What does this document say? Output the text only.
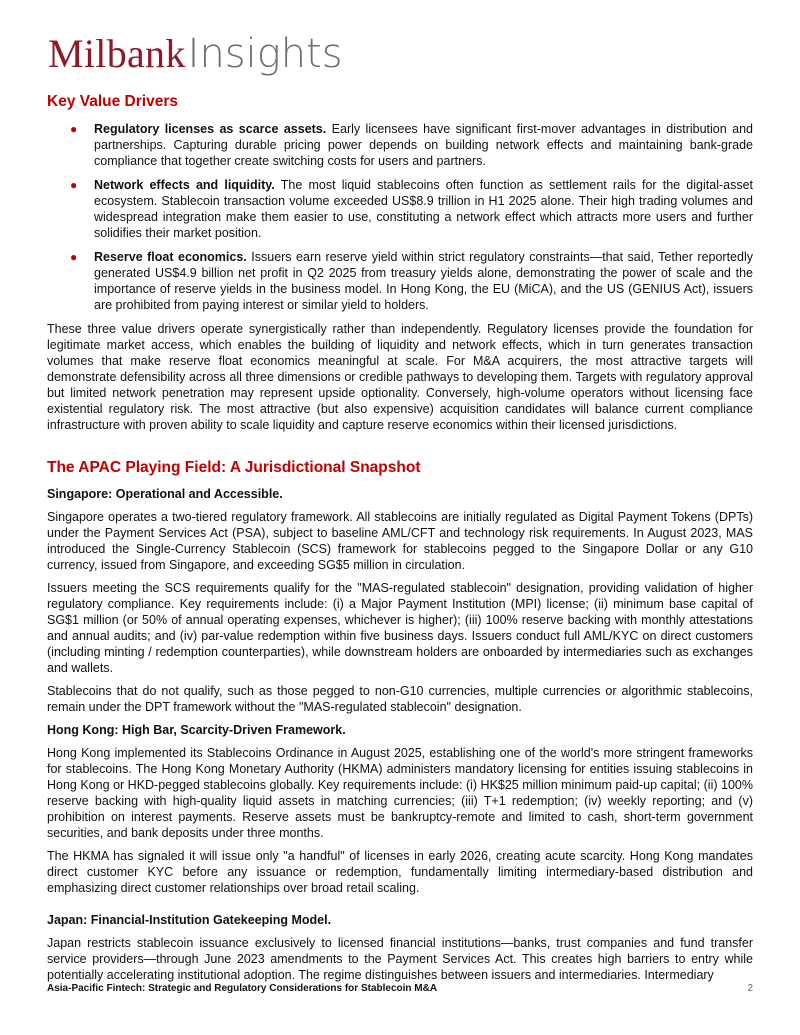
MilbankInsights
Key Value Drivers
● Regulatory licenses as scarce assets. Early licensees have significant first-mover advantages in distribution and partnerships. Capturing durable pricing power depends on building network effects and maintaining bank-grade compliance that together create switching costs for users and partners.
● Network effects and liquidity. The most liquid stablecoins often function as settlement rails for the digital-asset ecosystem. Stablecoin transaction volume exceeded US$8.9 trillion in H1 2025 alone. Their high trading volumes and widespread integration make them easier to use, constituting a network effect which attracts more users and further solidifies their market position.
● Reserve float economics. Issuers earn reserve yield within strict regulatory constraints—that said, Tether reportedly generated US$4.9 billion net profit in Q2 2025 from treasury yields alone, demonstrating the power of scale and the importance of reserve yields in the business model. In Hong Kong, the EU (MiCA), and the US (GENIUS Act), issuers are prohibited from paying interest or similar yield to holders.

These three value drivers operate synergistically rather than independently. Regulatory licenses provide the foundation for legitimate market access, which enables the building of liquidity and network effects, which in turn generates transaction volumes that make reserve float economics meaningful at scale. For M&A acquirers, the most attractive targets will demonstrate defensibility across all three dimensions or credible pathways to developing them. Targets with regulatory approval but limited network penetration may represent upside optionality. Conversely, high-volume operators without licensing face existential regulatory risk. The most attractive (but also expensive) acquisition candidates will balance current compliance infrastructure with proven ability to scale liquidity and capture reserve economics within their licensed jurisdictions.

The APAC Playing Field: A Jurisdictional Snapshot
Singapore: Operational and Accessible.

Singapore operates a two-tiered regulatory framework. All stablecoins are initially regulated as Digital Payment Tokens (DPTs) under the Payment Services Act (PSA), subject to baseline AML/CFT and technology risk requirements. In August 2023, MAS introduced the Single-Currency Stablecoin (SCS) framework for stablecoins pegged to the Singapore Dollar or any G10 currency, issued from Singapore, and exceeding SG$5 million in circulation.

Issuers meeting the SCS requirements qualify for the "MAS-regulated stablecoin" designation, providing validation of higher regulatory compliance. Key requirements include: (i) a Major Payment Institution (MPI) license; (ii) minimum base capital of SG$1 million (or 50% of annual operating expenses, whichever is higher); (iii) 100% reserve backing with monthly attestations and annual audits; and (iv) par-value redemption within five business days. Issuers conduct full AML/KYC on direct customers (including minting / redemption counterparties), while downstream holders are onboarded by intermediaries such as exchanges and wallets.

Stablecoins that do not qualify, such as those pegged to non-G10 currencies, multiple currencies or algorithmic stablecoins, remain under the DPT framework without the "MAS-regulated stablecoin" designation.

Hong Kong: High Bar, Scarcity-Driven Framework.

Hong Kong implemented its Stablecoins Ordinance in August 2025, establishing one of the world's more stringent frameworks for stablecoins. The Hong Kong Monetary Authority (HKMA) administers mandatory licensing for entities issuing stablecoins in Hong Kong or HKD-pegged stablecoins globally. Key requirements include: (i) HK$25 million minimum paid-up capital; (ii) 100% reserve backing with high-quality liquid assets in matching currencies; (iii) T+1 redemption; (iv) weekly reporting; and (v) prohibition on interest payments. Reserve assets must be bankruptcy-remote and limited to cash, short-term government securities, and bank deposits under three months.

The HKMA has signaled it will issue only "a handful" of licenses in early 2026, creating acute scarcity. Hong Kong mandates direct customer KYC before any issuance or redemption, fundamentally limiting intermediary-based distribution and emphasizing direct customer relationships over broad retail scaling.

Japan: Financial-Institution Gatekeeping Model.

Japan restricts stablecoin issuance exclusively to licensed financial institutions—banks, trust companies and fund transfer service providers—through June 2023 amendments to the Payment Services Act. This creates high barriers to entry while potentially accelerating institutional adoption. The regime distinguishes between issuers and intermediaries. Intermediary

Asia-Pacific Fintech: Strategic and Regulatory Considerations for Stablecoin M&A	2
